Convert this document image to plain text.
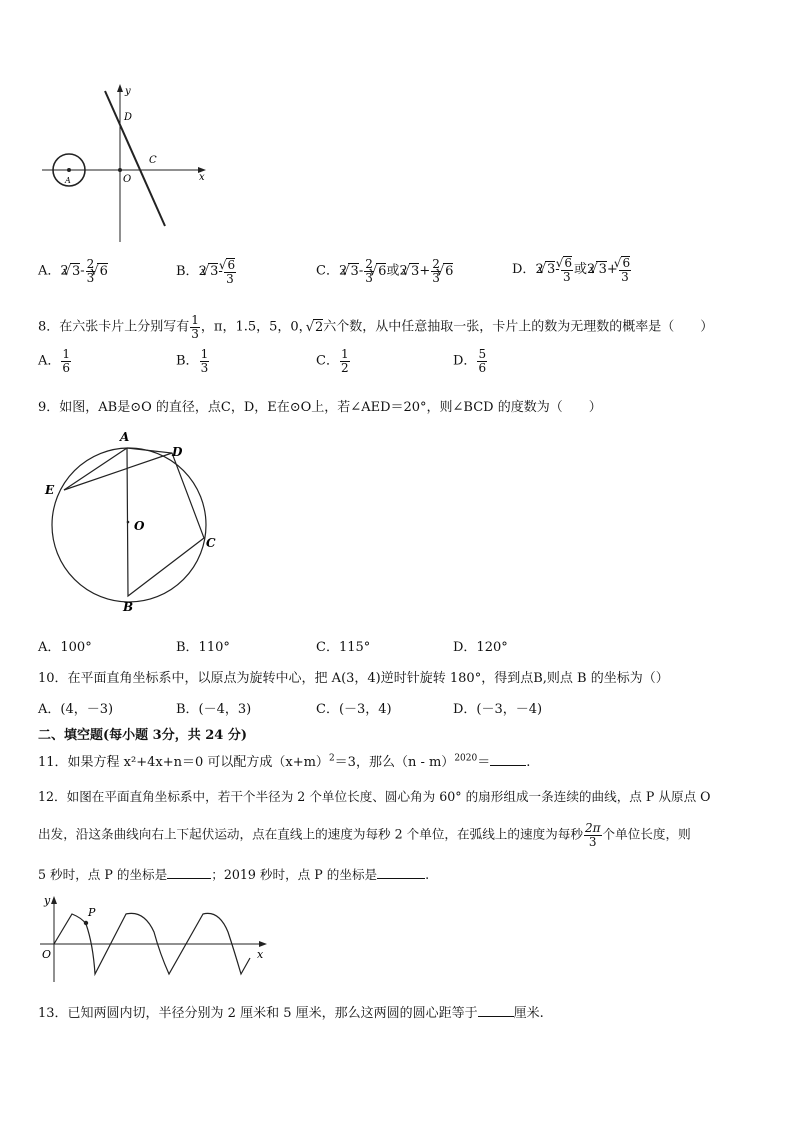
y
D
C
O
A	x
A．2 √ $3- \frac{2}{3}$ √ 6	B．2 √ 3- √ $\frac{6}{3}$	C．2 √ $3- \frac{2}{3}$ √ 6或2 √ $3+ \frac{2}{3}$ √ 6	D．2 √ 3- √ $\frac{6}{3}$ 或2 √ 3+ √ $\frac{6}{3}$
8．在六张卡片上分别写有 $\frac{1}{3}$ ，π，1.5，5，0， √ 2六个数，从中任意抽取一张，卡片上的数为无理数的概率是（　　）
A． $\frac{1}{6}$	B． $\frac{1}{3}$	C． $\frac{1}{2}$	D． $\frac{5}{6}$
9．如图，AB是⊙O 的直径，点C，D，E在⊙O上，若∠AED＝20°，则∠BCD 的度数为（　　）
A
D
E
O
C
B
A．100°	B．110°	C．115°	D．120°
10．在平面直角坐标系中，以原点为旋转中心，把 A(3，4)逆时针旋转 180°，得到点B,则点 B 的坐标为（）
A．(4，－3)	B．(－4，3)	C．(－3，4)	D．(－3，－4)
二、填空题(每小题 3分，共 24 分)
11．如果方程 x²+4x+n＝0 可以配方成$(x+m)^2=3$，那么（n - m）$^{2020}$＝	.
12．如图在平面直角坐标系中，若干个半径为 2 个单位长度、圆心角为 60° 的扇形组成一条连续的曲线，点 P 从原点 O
出发，沿这条曲线向右上下起伏运动，点在直线上的速度为每秒 2 个单位，在弧线上的速度为每秒 $\frac{2\pi}{3}$ 个单位长度，则
5 秒时，点 P 的坐标是	；2019 秒时，点 P 的坐标是	.
y
P
O	x
13．已知两圆内切，半径分别为 2 厘米和 5 厘米，那么这两圆的圆心距等于	厘米.
